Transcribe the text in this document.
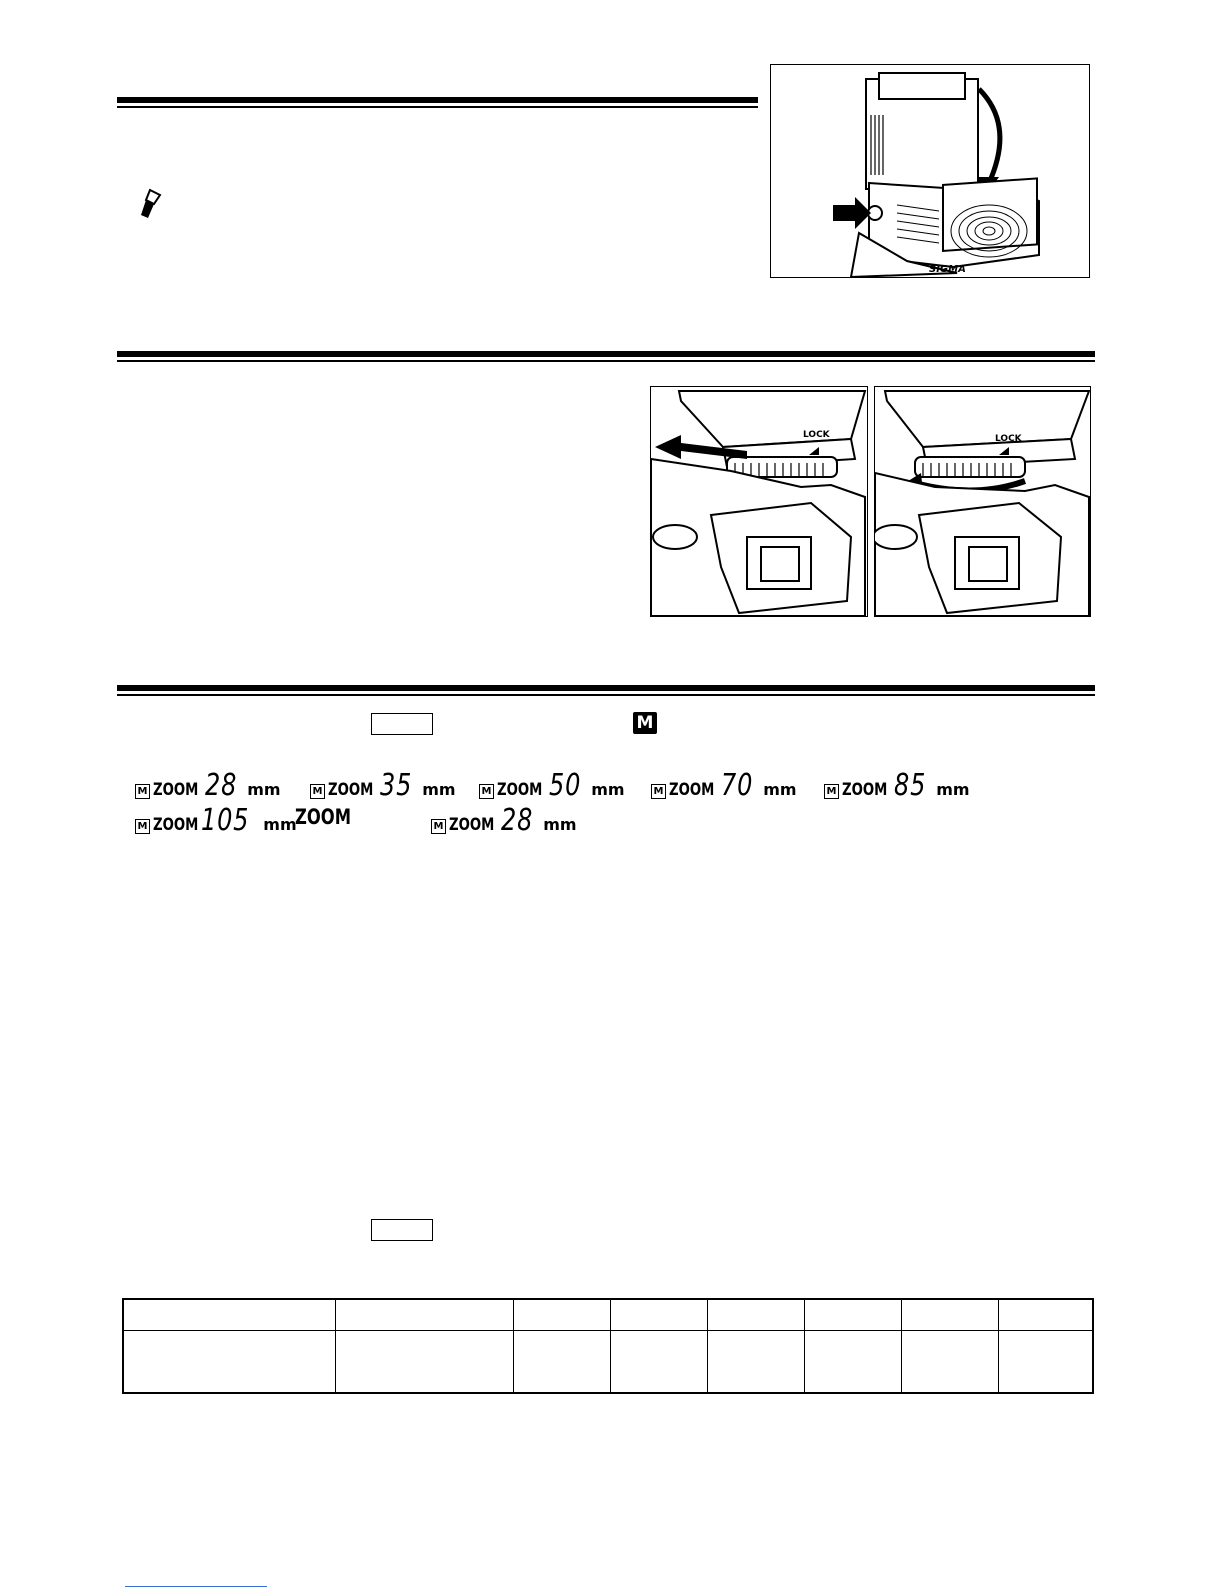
SIGMA
LOCK	LOCK
M
M ZOOM 28 mm	M ZOOM 35 mm	M ZOOM 50 mm	M ZOOM 70 mm	M ZOOM 85 mm
M ZOOM 105 mm
ZOOM	M ZOOM 28 mm
